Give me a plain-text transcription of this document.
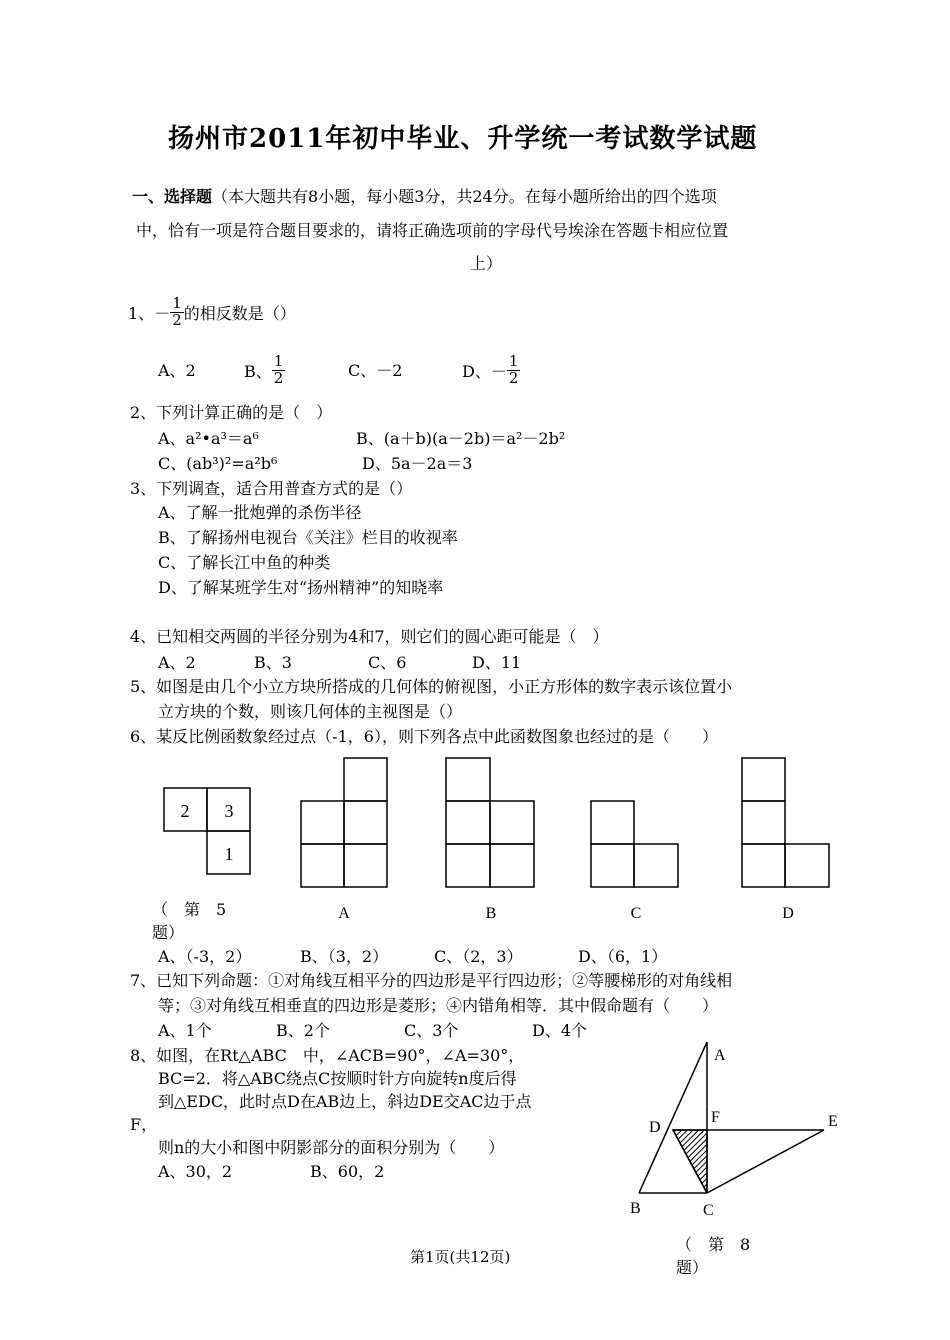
扬州市2011年初中毕业、升学统一考试数学试题
一、选择题（本大题共有8小题，每小题3分，共24分。在每小题所给出的四个选项
中，恰有一项是符合题目要求的，请将正确选项前的字母代号埃涂在答题卡相应位置
上）
1、 － $\frac{1}{2}$ 的相反数是（）
A、2	B、 $\frac{1}{2}$	C、－2	D、－ $\frac{1}{2}$
2、下列计算正确的是（　）
A、a²•a³＝a⁶	B、(a＋b)(a－2b)＝a²－2b²
C、(ab³)²=a²b⁶	D、5a－2a＝3
3、下列调查，适合用普查方式的是（）
A、了解一批炮弹的杀伤半径
B、了解扬州电视台《关注》栏目的收视率
C、了解长江中鱼的种类
D、了解某班学生对“扬州精神”的知晓率
4、已知相交两圆的半径分别为4和7，则它们的圆心距可能是（　）
A、2	B、3	C、6	D、11
5、如图是由几个小立方块所搭成的几何体的俯视图，小正方形体的数字表示该位置小
立方块的个数，则该几何体的主视图是（）
6、某反比例函数象经过点（-1，6），则下列各点中此函数图象也经过的是（　　）
2 3
1
A	B	C	D
（　第　5
题）
A、（-3，2）	B、（3，2）	C、（2，3）	D、（6，1）
7、已知下列命题：①对角线互相平分的四边形是平行四边形；②等腰梯形的对角线相
等；③对角线互相垂直的四边形是菱形；④内错角相等．其中假命题有（　　）
A、1个	B、2个	C、3个	D、4个
8、如图，在Rt△ABC　中，∠ACB=90°，∠A=30°，
BC=2．将△ABC绕点C按顺时针方向旋转n度后得
到△EDC，此时点D在AB边上，斜边DE交AC边于点
F，
则n的大小和图中阴影部分的面积分别为（　　）
A、30，2	B、60，2
A
B	C
D	E
F
（　第　8
题）
第1页(共12页)
